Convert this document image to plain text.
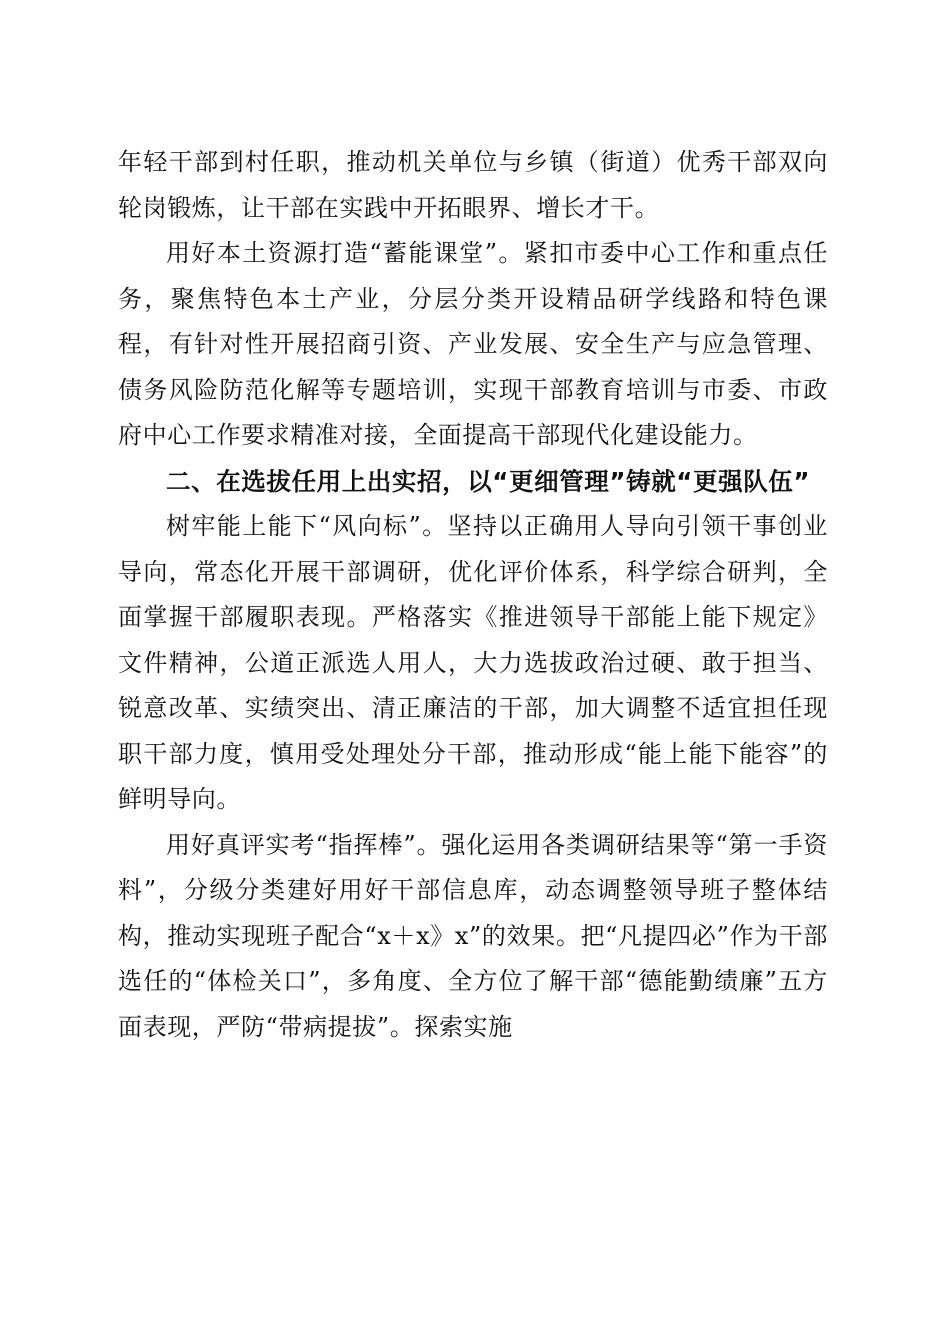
年轻干部到村任职，推动机关单位与乡镇（街道）优秀干部双向轮岗锻炼，让干部在实践中开拓眼界、增长才干。

用好本土资源打造“蓄能课堂”。紧扣市委中心工作和重点任务，聚焦特色本土产业，分层分类开设精品研学线路和特色课程，有针对性开展招商引资、产业发展、安全生产与应急管理、债务风险防范化解等专题培训，实现干部教育培训与市委、市政府中心工作要求精准对接，全面提高干部现代化建设能力。

二、在选拔任用上出实招，以“更细管理”铸就“更强队伍”

树牢能上能下“风向标”。坚持以正确用人导向引领干事创业导向，常态化开展干部调研，优化评价体系，科学综合研判，全面掌握干部履职表现。严格落实《推进领导干部能上能下规定》文件精神，公道正派选人用人，大力选拔政治过硬、敢于担当、锐意改革、实绩突出、清正廉洁的干部，加大调整不适宜担任现职干部力度，慎用受处理处分干部，推动形成“能上能下能容”的鲜明导向。

用好真评实考“指挥棒”。强化运用各类调研结果等“第一手资料”，分级分类建好用好干部信息库，动态调整领导班子整体结构，推动实现班子配合“x＋x》x”的效果。把“凡提四必”作为干部选任的“体检关口”，多角度、全方位了解干部“德能勤绩廉”五方面表现，严防“带病提拔”。探索实施
